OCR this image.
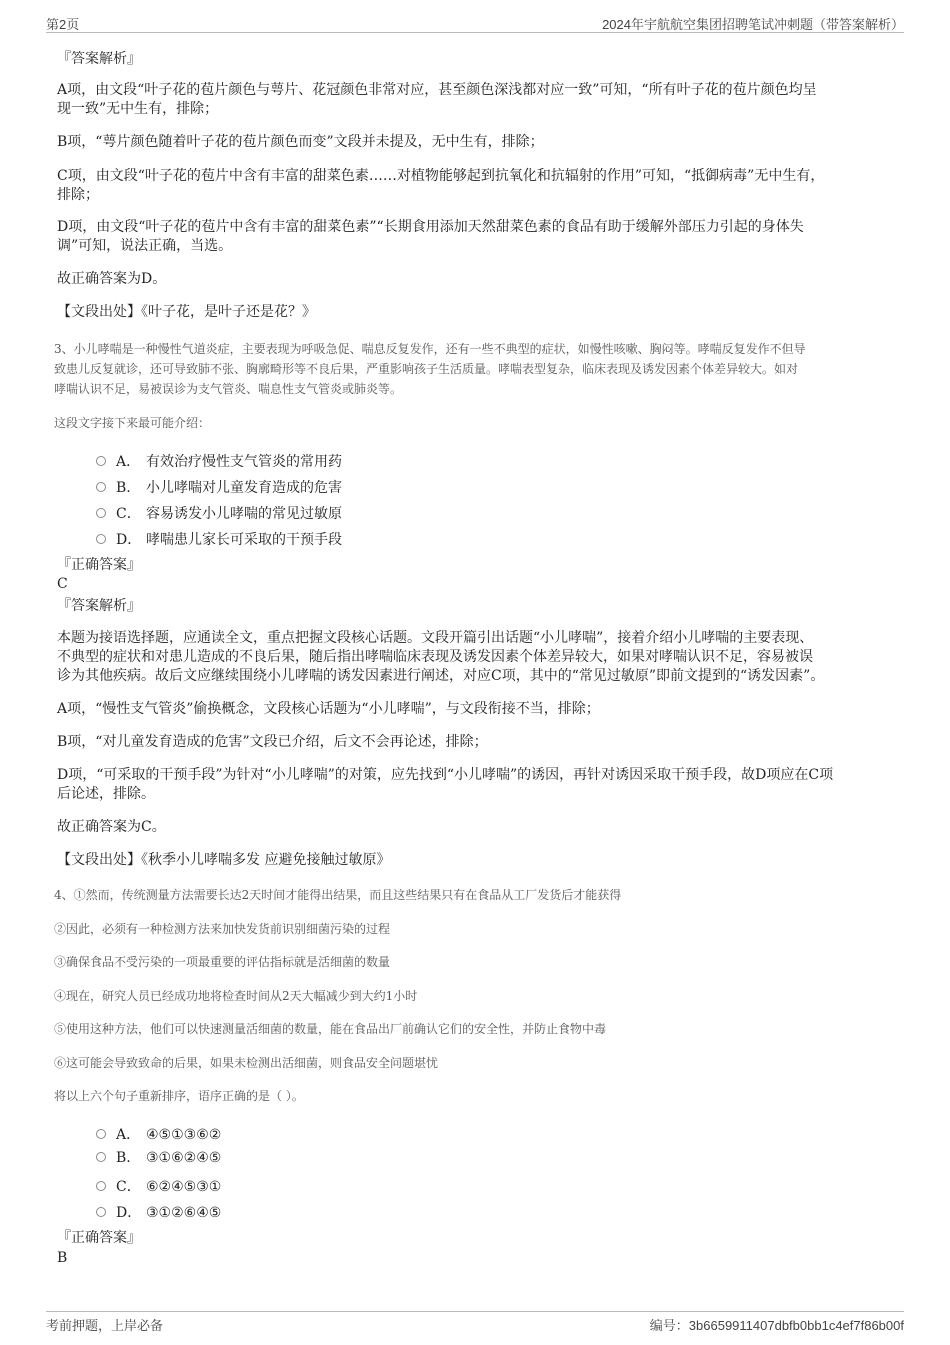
第2页	2024年宇航航空集团招聘笔试冲刺题（带答案解析）
『答案解析』
A项，由文段“叶子花的苞片颜色与萼片、花冠颜色非常对应，甚至颜色深浅都对应一致”可知，“所有叶子花的苞片颜色均呈
现一致”无中生有，排除；
B项，“萼片颜色随着叶子花的苞片颜色而变”文段并未提及，无中生有，排除；
C项，由文段“叶子花的苞片中含有丰富的甜菜色素……对植物能够起到抗氧化和抗辐射的作用”可知，“抵御病毒”无中生有，
排除；
D项，由文段“叶子花的苞片中含有丰富的甜菜色素”“长期食用添加天然甜菜色素的食品有助于缓解外部压力引起的身体失
调”可知，说法正确，当选。
故正确答案为D。
【文段出处】《叶子花，是叶子还是花？》
3、小儿哮喘是一种慢性气道炎症，主要表现为呼吸急促、喘息反复发作，还有一些不典型的症状，如慢性咳嗽、胸闷等。哮喘反复发作不但导
致患儿反复就诊，还可导致肺不张、胸廓畸形等不良后果，严重影响孩子生活质量。哮喘表型复杂，临床表现及诱发因素个体差异较大。如对
哮喘认识不足，易被误诊为支气管炎、喘息性支气管炎或肺炎等。
这段文字接下来最可能介绍：
A． 有效治疗慢性支气管炎的常用药
B. 小儿哮喘对儿童发育造成的危害
C． 容易诱发小儿哮喘的常见过敏原
D． 哮喘患儿家长可采取的干预手段
『正确答案』
C
『答案解析』
本题为接语选择题，应通读全文，重点把握文段核心话题。文段开篇引出话题“小儿哮喘”，接着介绍小儿哮喘的主要表现、
不典型的症状和对患儿造成的不良后果，随后指出哮喘临床表现及诱发因素个体差异较大，如果对哮喘认识不足，容易被误
诊为其他疾病。故后文应继续围绕小儿哮喘的诱发因素进行阐述，对应C项，其中的“常见过敏原”即前文提到的“诱发因素”。
A项，“慢性支气管炎”偷换概念，文段核心话题为“小儿哮喘”，与文段衔接不当，排除；
B项，“对儿童发育造成的危害”文段已介绍，后文不会再论述，排除；
D项，“可采取的干预手段”为针对“小儿哮喘”的对策，应先找到“小儿哮喘”的诱因，再针对诱因采取干预手段，故D项应在C项
后论述，排除。
故正确答案为C。
【文段出处】《秋季小儿哮喘多发 应避免接触过敏原》
4、①然而，传统测量方法需要长达2天时间才能得出结果，而且这些结果只有在食品从工厂发货后才能获得
②因此，必须有一种检测方法来加快发货前识别细菌污染的过程
③确保食品不受污染的一项最重要的评估指标就是活细菌的数量
④现在，研究人员已经成功地将检查时间从2天大幅减少到大约1小时
⑤使用这种方法，他们可以快速测量活细菌的数量，能在食品出厂前确认它们的安全性，并防止食物中毒
⑥这可能会导致致命的后果，如果未检测出活细菌，则食品安全问题堪忧
将以上六个句子重新排序，语序正确的是（ ）。
A． ④⑤①③⑥②
B. ③①⑥②④⑤
C． ⑥②④⑤③①
D． ③①②⑥④⑤
『正确答案』
B
考前押题，上岸必备	编号：3b6659911407dbfb0bb1c4ef7f86b00f
